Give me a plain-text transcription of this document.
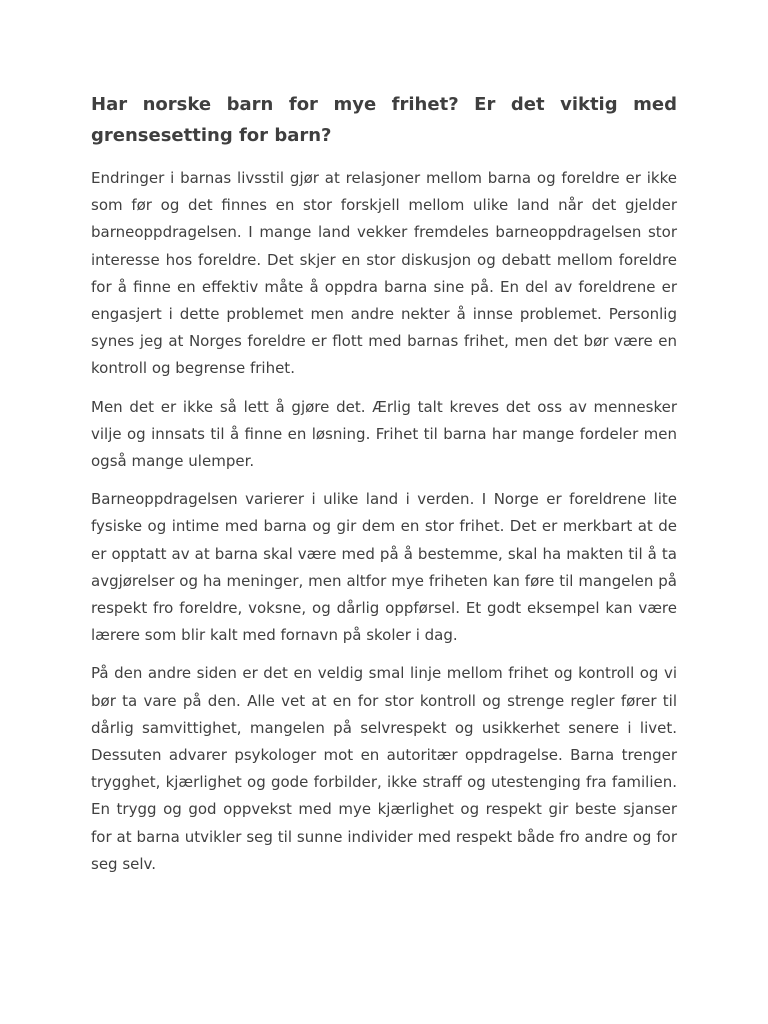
Har norske barn for mye frihet? Er det viktig med grensesetting for barn?

Endringer i barnas livsstil gjør at relasjoner mellom barna og foreldre er ikke som før og det finnes en stor forskjell mellom ulike land når det gjelder barneoppdragelsen. I mange land vekker fremdeles barneoppdragelsen stor interesse hos foreldre. Det skjer en stor diskusjon og debatt mellom foreldre for å finne en effektiv måte å oppdra barna sine på. En del av foreldrene er engasjert i dette problemet men andre nekter å innse problemet. Personlig synes jeg at Norges foreldre er flott med barnas frihet, men det bør være en kontroll og begrense frihet.

Men det er ikke så lett å gjøre det. Ærlig talt kreves det oss av mennesker vilje og innsats til å finne en løsning. Frihet til barna har mange fordeler men også mange ulemper.

Barneoppdragelsen varierer i ulike land i verden. I Norge er foreldrene lite fysiske og intime med barna og gir dem en stor frihet. Det er merkbart at de er opptatt av at barna skal være med på å bestemme, skal ha makten til å ta avgjørelser og ha meninger, men altfor mye friheten kan føre til mangelen på respekt fro foreldre, voksne, og dårlig oppførsel. Et godt eksempel kan være lærere som blir kalt med fornavn på skoler i dag.

På den andre siden er det en veldig smal linje mellom frihet og kontroll og vi bør ta vare på den. Alle vet at en for stor kontroll og strenge regler fører til dårlig samvittighet, mangelen på selvrespekt og usikkerhet senere i livet. Dessuten advarer psykologer mot en autoritær oppdragelse. Barna trenger trygghet, kjærlighet og gode forbilder, ikke straff og utestenging fra familien. En trygg og god oppvekst med mye kjærlighet og respekt gir beste sjanser for at barna utvikler seg til sunne individer med respekt både fro andre og for seg selv.
